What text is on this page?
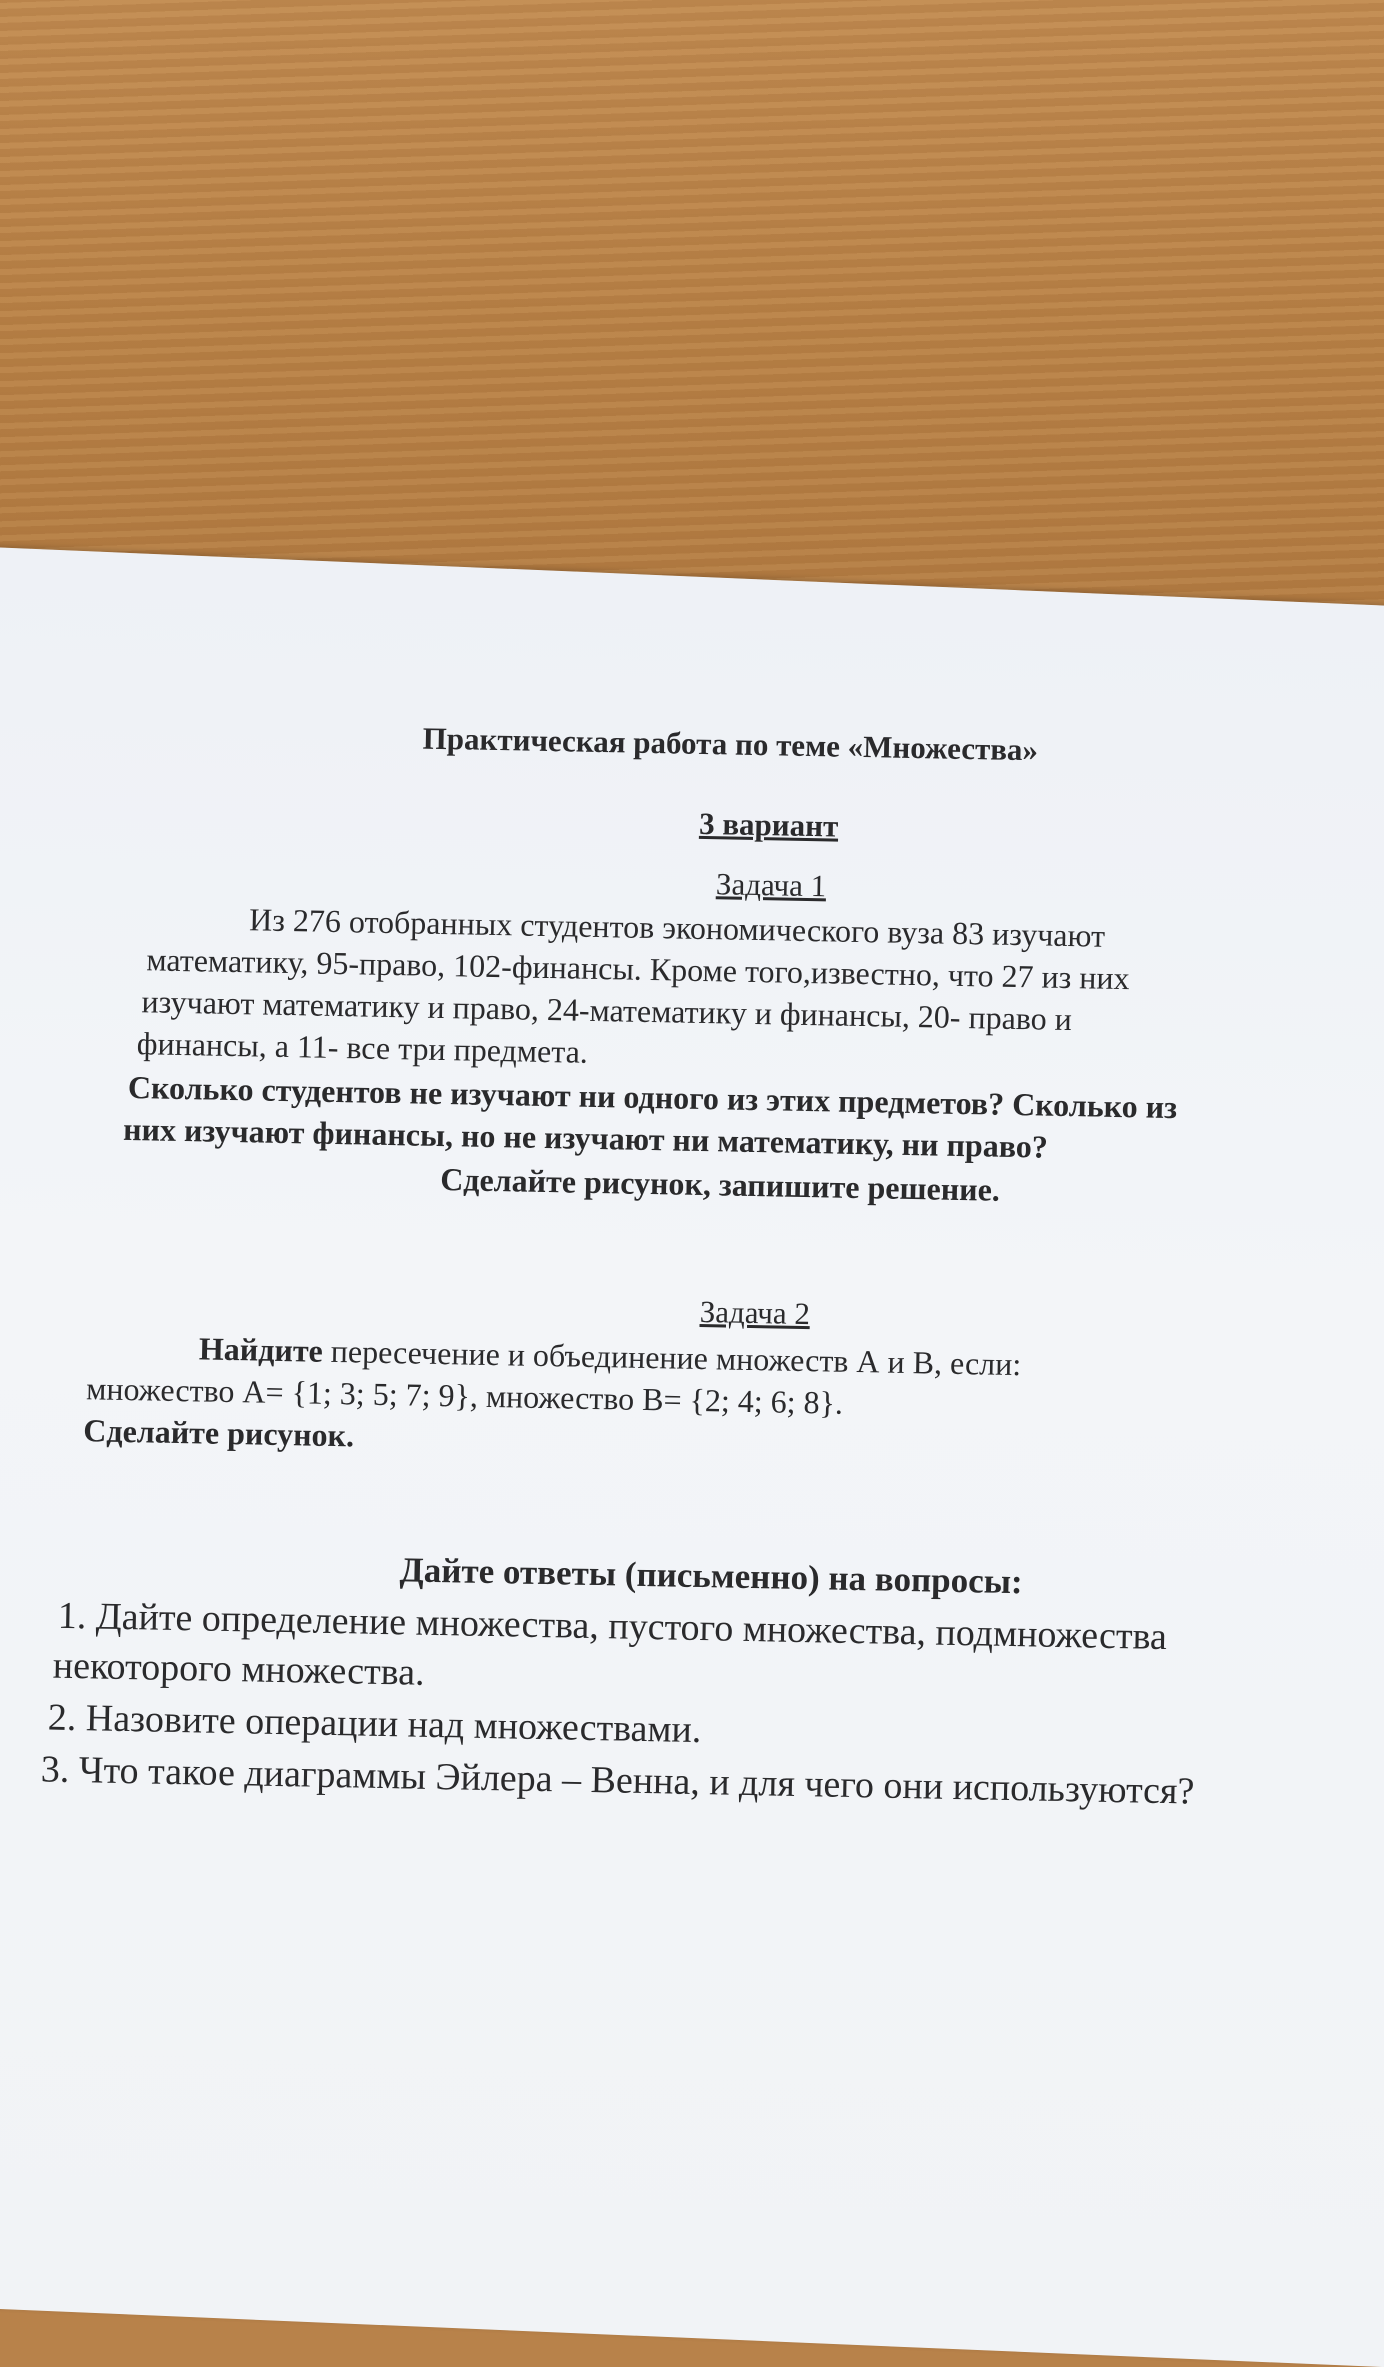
Практическая работа по теме «Множества»
3 вариант
Задача 1
Из 276 отобранных студентов экономического вуза 83 изучают
математику, 95-право, 102-финансы. Кроме того,известно, что 27 из них
изучают математику и право, 24-математику и финансы, 20- право и
финансы, а 11- все три предмета.
Сколько студентов не изучают ни одного из этих предметов? Сколько из
них изучают финансы, но не изучают ни математику, ни право?
Сделайте рисунок, запишите решение.
Задача 2
Найдите пересечение и объединение множеств А и В, если:
множество А= {1; 3; 5; 7; 9}, множество В= {2; 4; 6; 8}.
Сделайте рисунок.
Дайте ответы (письменно) на вопросы:
1. Дайте определение множества, пустого множества, подмножества
некоторого множества.
2. Назовите операции над множествами.
3. Что такое диаграммы Эйлера – Венна, и для чего они используются?
